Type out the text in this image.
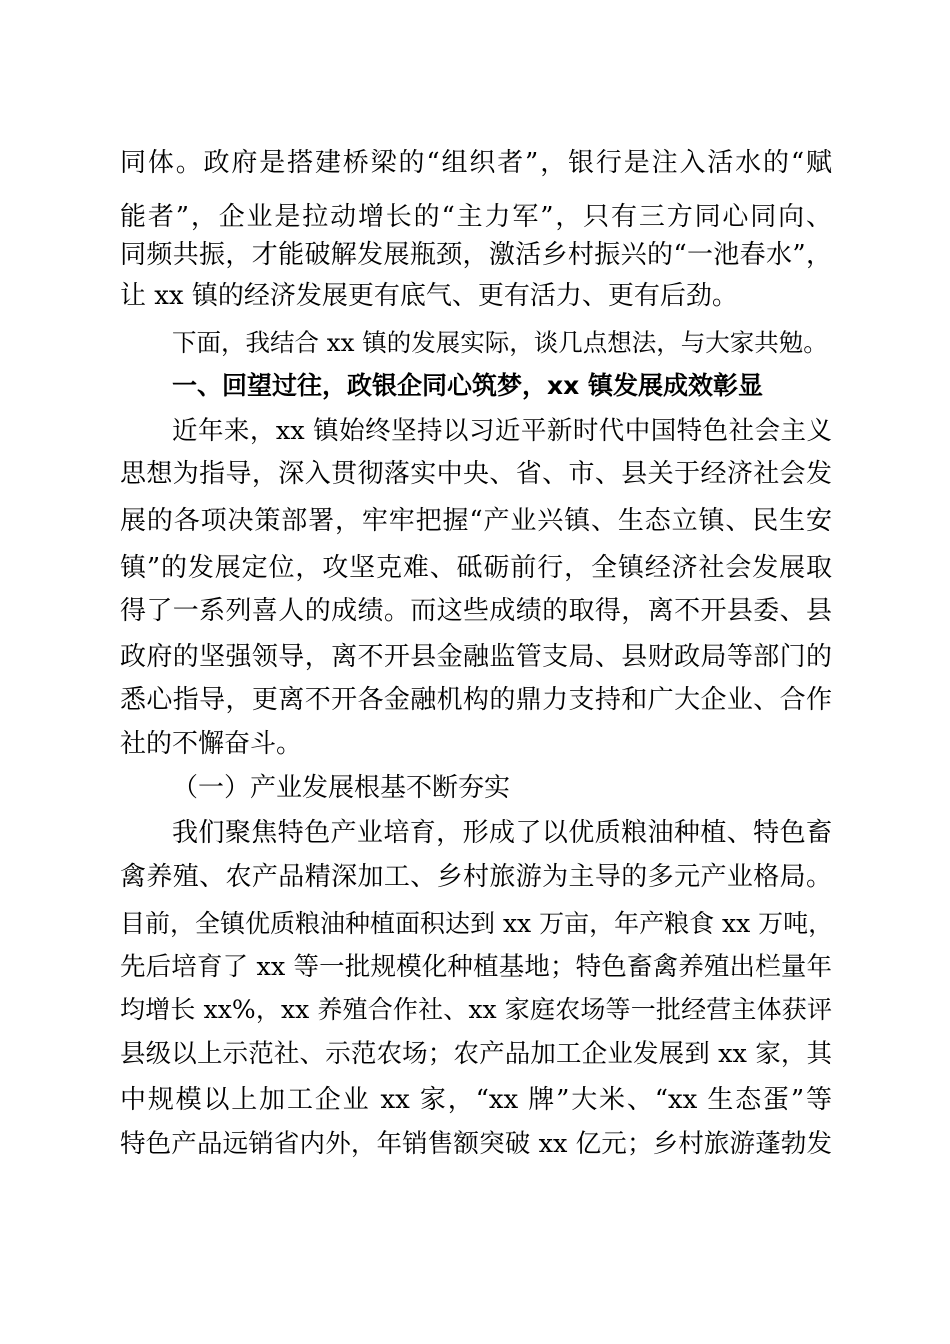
同体。政府是搭建桥梁的“组织者”，银行是注入活水的“赋
能者”，企业是拉动增长的“主力军”，只有三方同心同向、
同频共振，才能破解发展瓶颈，激活乡村振兴的“一池春水”，
让 xx 镇的经济发展更有底气、更有活力、更有后劲。
下面，我结合 xx 镇的发展实际，谈几点想法，与大家共勉。
一、回望过往，政银企同心筑梦，xx 镇发展成效彰显
近年来，xx 镇始终坚持以习近平新时代中国特色社会主义
思想为指导，深入贯彻落实中央、省、市、县关于经济社会发
展的各项决策部署，牢牢把握“产业兴镇、生态立镇、民生安
镇”的发展定位，攻坚克难、砥砺前行，全镇经济社会发展取
得了一系列喜人的成绩。而这些成绩的取得，离不开县委、县
政府的坚强领导，离不开县金融监管支局、县财政局等部门的
悉心指导，更离不开各金融机构的鼎力支持和广大企业、合作
社的不懈奋斗。
（一）产业发展根基不断夯实
我们聚焦特色产业培育，形成了以优质粮油种植、特色畜
禽养殖、农产品精深加工、乡村旅游为主导的多元产业格局。
目前，全镇优质粮油种植面积达到 xx 万亩，年产粮食 xx 万吨，
先后培育了 xx 等一批规模化种植基地；特色畜禽养殖出栏量年
均增长 xx%，xx 养殖合作社、xx 家庭农场等一批经营主体获评
县级以上示范社、示范农场；农产品加工企业发展到 xx 家，其
中规模以上加工企业 xx 家，“xx 牌”大米、“xx 生态蛋”等
特色产品远销省内外，年销售额突破 xx 亿元；乡村旅游蓬勃发
